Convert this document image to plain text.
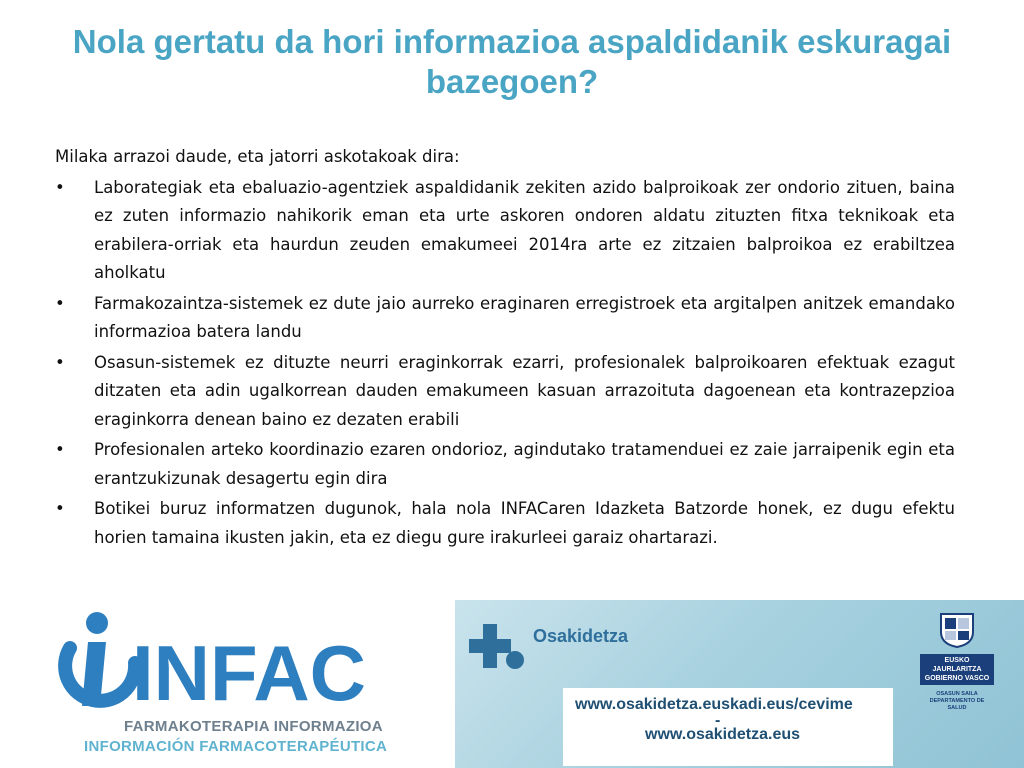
Nola gertatu da hori informazioa aspaldidanik eskuragai bazegoen?

Milaka arrazoi daude, eta jatorri askotakoak dira:

• Laborategiak eta ebaluazio-agentziek aspaldidanik zekiten azido balproikoak zer ondorio zituen, baina ez zuten informazio nahikorik eman eta urte askoren ondoren aldatu zituzten fitxa teknikoak eta erabilera-orriak eta haurdun zeuden emakumeei 2014ra arte ez zitzaien balproikoa ez erabiltzea aholkatu
• Farmakozaintza-sistemek ez dute jaio aurreko eraginaren erregistroek eta argitalpen anitzek emandako informazioa batera landu
• Osasun-sistemek ez dituzte neurri eraginkorrak ezarri, profesionalek balproikoaren efektuak ezagut ditzaten eta adin ugalkorrean dauden emakumeen kasuan arrazoituta dagoenean eta kontrazepzioa eraginkorra denean baino ez dezaten erabili
• Profesionalen arteko koordinazio ezaren ondorioz, agindutako tratamenduei ez zaie jarraipenik egin eta erantzukizunak desagertu egin dira
• Botikei buruz informatzen dugunok, hala nola INFACaren Idazketa Batzorde honek, ez dugu efektu horien tamaina ikusten jakin, eta ez diegu gure irakurleei garaiz ohartarazi.
INFAC
FARMAKOTERAPIA INFORMAZIOA
INFORMACIÓN FARMACOTERAPÉUTICA
Osakidetza
www.osakidetza.euskadi.eus/cevime
-
www.osakidetza.eus
EUSKO JAURLARITZA
GOBIERNO VASCO
OSASUN SAILA
DEPARTAMENTO DE SALUD
